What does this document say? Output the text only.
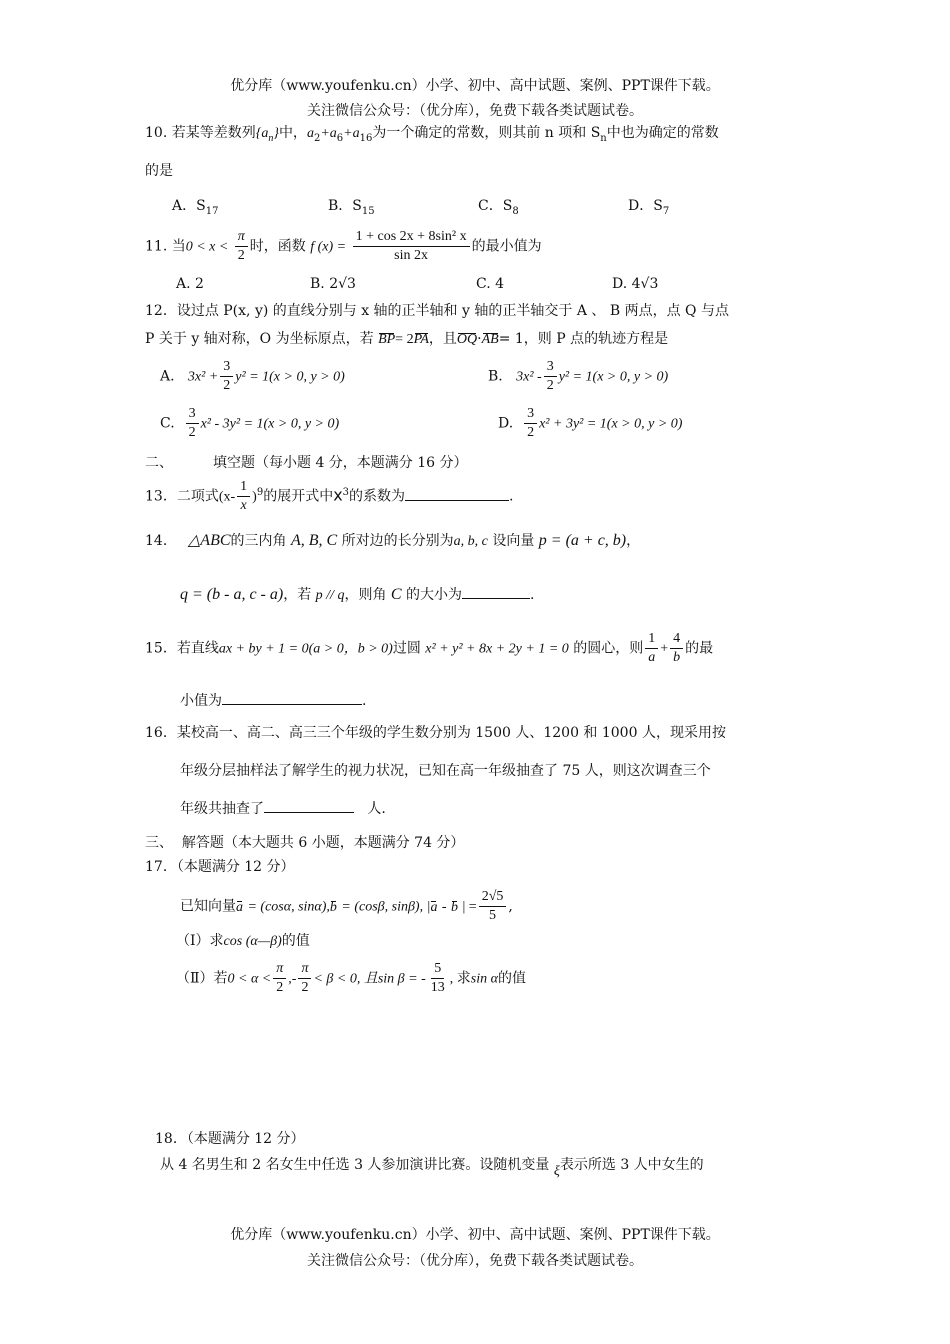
优分库（www.youfenku.cn）小学、初中、高中试题、案例、PPT课件下载。
关注微信公众号：（优分库），免费下载各类试题试卷。
10. 若某等差数列$\{a_n\}$中，$a_2+a_6+a_{16}$为一个确定的常数，则其前 n 项和 $S_n$中也为确定的常数
的是
A．$S_{17}$	B．$S_{15}$	C．$S_8$	D．$S_7$
11. 当$0 < x < \frac{\pi}{2}$ 时，函数 f $(x) = \frac{\text{1 + cos 2x + 8sin² x}}{\sin 2x}$ 的最小值为
A. 2	B. 2√3	C. 4	D. 4√3
12．设过点 P(x, y) 的直线分别与 x 轴的正半轴和 y 轴的正半轴交于 A 、 B 两点，点 Q 与点
P 关于 y 轴对称，O 为坐标原点，若 BP= 2PA，且OQ·AB= 1，则 P 点的轨迹方程是
A. $3x^2 + \frac{3}{2} y^2 = 1(x > 0$, y > 0)	B. $3x^2 - \frac{3}{2} y^2 = 1(x > 0$, y > 0)
C. $\frac{3}{2} x^2 - 3y^2 = 1(x > 0$, y > 0)	D. $\frac{3}{2} x^2 + 3y^2 = 1(x > 0$, y > 0)
二、	填空题（每小题 4 分，本题满分 16 分）
13．二项式$(x- \frac{1}{x} )^9$的展开式中$x^3$的系数为	.
14． △ABC的三内角 A, B, C 所对边的长分别为a, b, c 设向量 p = (a + c, b)，
q = (b - a, c - a)，若 p // q，则角 C 的大小为	.
15．若直线ax + by + 1 = 0(a > 0，b > 0)过圆 x² + y² + 8x + 2y + 1 = 0 的圆心，则 $\frac{1}{a} + \frac{4}{b}$ 的最
小值为	.
16．某校高一、高二、高三三个年级的学生数分别为 1500 人、1200 和 1000 人，现采用按
年级分层抽样法了解学生的视力状况，已知在高一年级抽查了 75 人，则这次调查三个
年级共抽查了	人.
三、 解答题（本大题共 6 小题，本题满分 74 分）
17．（本题满分 12 分）
已知向量a = (cosα, sinα),b = (cosβ, sinβ), |a - b | = $\frac{2√5}{5}$ ,
（Ⅰ）求cos (α—β)的值
（Ⅱ）若$0 < \alpha < \frac{\pi}{2}$ ,- $\frac{\pi}{2} < \beta < 0$, 且sin β = - $\frac{5}{13}$ , 求sin α的值
18．（本题满分 12 分）
从 4 名男生和 2 名女生中任选 3 人参加演讲比赛。设随机变量 ξ表示所选 3 人中女生的
优分库（www.youfenku.cn）小学、初中、高中试题、案例、PPT课件下载。
关注微信公众号：（优分库），免费下载各类试题试卷。
